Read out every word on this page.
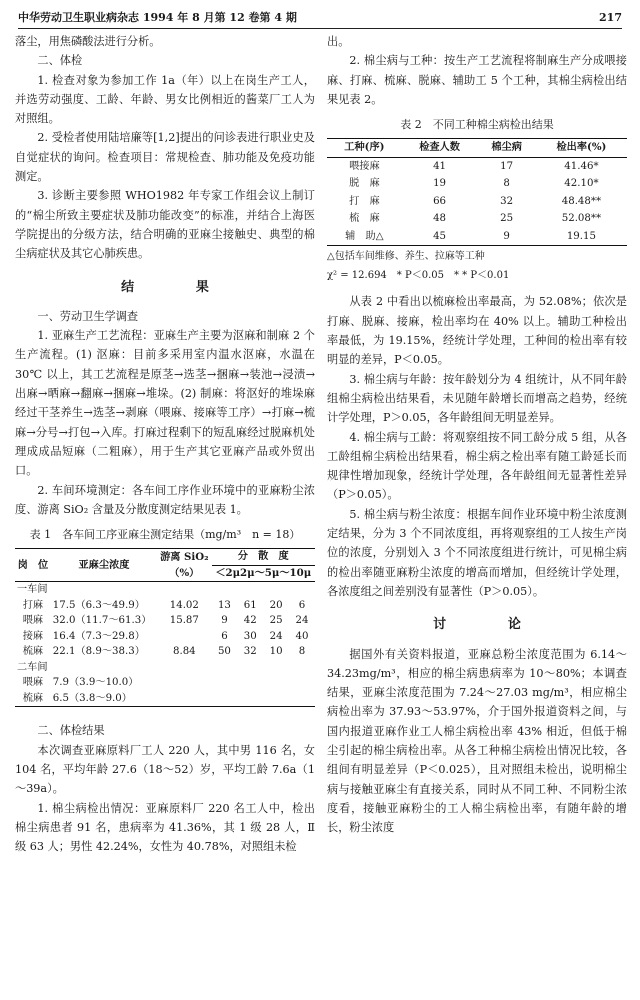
中华劳动卫生职业病杂志 1994 年 8 月第 12 卷第 4 期	217

落尘，用焦磷酸法进行分析。

二、体检

1. 检查对象为参加工作 1a（年）以上在岗生产工人，并选劳动强度、工龄、年龄、男女比例相近的酱菜厂工人为对照组。

2. 受检者使用陆培廉等[1,2]提出的问诊表进行职业史及自觉症状的询问。检查项目：常规检查、肺功能及免疫功能测定。

3. 诊断主要参照 WHO1982 年专家工作组会议上制订的“棉尘所致主要症状及肺功能改变”的标准，并结合上海医学院提出的分级方法，结合明确的亚麻尘接触史、典型的棉尘病症状及其它心肺疾患。

结 果

一、劳动卫生学调查

1. 亚麻生产工艺流程：亚麻生产主要为沤麻和制麻 2 个生产流程。(1) 沤麻：目前多采用室内温水沤麻，水温在 30℃ 以上，其工艺流程是原茎→选茎→捆麻→装池→浸渍→出麻→晒麻→翻麻→捆麻→堆垛。(2) 制麻：将沤好的堆垛麻经过干茎养生→选茎→剥麻（喂麻、接麻等工序）→打麻→梳麻→分号→打包→入库。打麻过程剩下的短乱麻经过脱麻机处理成成品短麻（二粗麻），用于生产其它亚麻产品或外贸出口。

2. 车间环境测定：各车间工序作业环境中的亚麻粉尘浓度、游离 SiO₂ 含量及分散度测定结果见表 1。

表 1　各车间工序亚麻尘测定结果（mg/m³　n = 18）
岗　位	亚麻尘浓度	游离 SiO₂	分　散　度			
		（%）	＜2μ2μ～5μ～10μ			
一车间						
打麻	17.5（6.3～49.9）	14.02	13	61	20	6
喂麻	32.0（11.7～61.3）	15.87	9	42	25	24
接麻	16.4（7.3～29.8）		6	30	24	40
梳麻	22.1（8.9～38.3）	8.84	50	32	10	8
二车间						
喂麻	7.9（3.9～10.0）					
梳麻	6.5（3.8～9.0）					

二、体检结果

本次调查亚麻原料厂工人 220 人，其中男 116 名，女 104 名，平均年龄 27.6（18～52）岁，平均工龄 7.6a（1～39a）。

1. 棉尘病检出情况：亚麻原料厂 220 名工人中，检出棉尘病患者 91 名，患病率为 41.36%，其 1 级 28 人，Ⅱ级 63 人；男性 42.24%，女性为 40.78%，对照组未检

出。

2. 棉尘病与工种：按生产工艺流程将制麻生产分成喂接麻、打麻、梳麻、脱麻、辅助工 5 个工种，其棉尘病检出结果见表 2。

表 2　不同工种棉尘病检出结果
工种(序)	检查人数	棉尘病	检出率(%)
喂接麻	41	17	41.46*
脱　麻	19	8	42.10*
打　麻	66	32	48.48**
梳　麻	48	25	52.08**
辅　助△	45	9	19.15

△包括车间维修、养生、拉麻等工种

χ² = 12.694　* P＜0.05　* * P＜0.01

从表 2 中看出以梳麻检出率最高，为 52.08%；依次是打麻、脱麻、接麻，检出率均在 40% 以上。辅助工种检出率最低，为 19.15%，经统计学处理，工种间的检出率有较明显的差异，P＜0.05。

3. 棉尘病与年龄：按年龄划分为 4 组统计，从不同年龄组棉尘病检出结果看，未见随年龄增长而增高之趋势，经统计学处理，P＞0.05，各年龄组间无明显差异。

4. 棉尘病与工龄：将观察组按不同工龄分成 5 组，从各工龄组棉尘病检出结果看，棉尘病之检出率有随工龄延长而规律性增加现象，经统计学处理，各年龄组间无显著性差异（P＞0.05）。

5. 棉尘病与粉尘浓度：根据车间作业环境中粉尘浓度测定结果，分为 3 个不同浓度组，再将观察组的工人按生产岗位的浓度，分别划入 3 个不同浓度组进行统计，可见棉尘病的检出率随亚麻粉尘浓度的增高而增加，但经统计学处理，各浓度组之间差别没有显著性（P＞0.05）。

讨 论

据国外有关资料报道，亚麻总粉尘浓度范围为 6.14～34.23mg/m³，相应的棉尘病患病率为 10～80%；本调查结果，亚麻尘浓度范围为 7.24～27.03 mg/m³，相应棉尘病检出率为 37.93～53.97%，介于国外报道资料之间，与国内报道亚麻作业工人棉尘病检出率 43% 相近，但低于棉尘引起的棉尘病检出率。从各工种棉尘病检出情况比较，各组间有明显差异（P＜0.025），且对照组未检出，说明棉尘病与接触亚麻尘有直接关系，同时从不同工种、不同粉尘浓度看，接触亚麻粉尘的工人棉尘病检出率，有随年龄的增长，粉尘浓度
